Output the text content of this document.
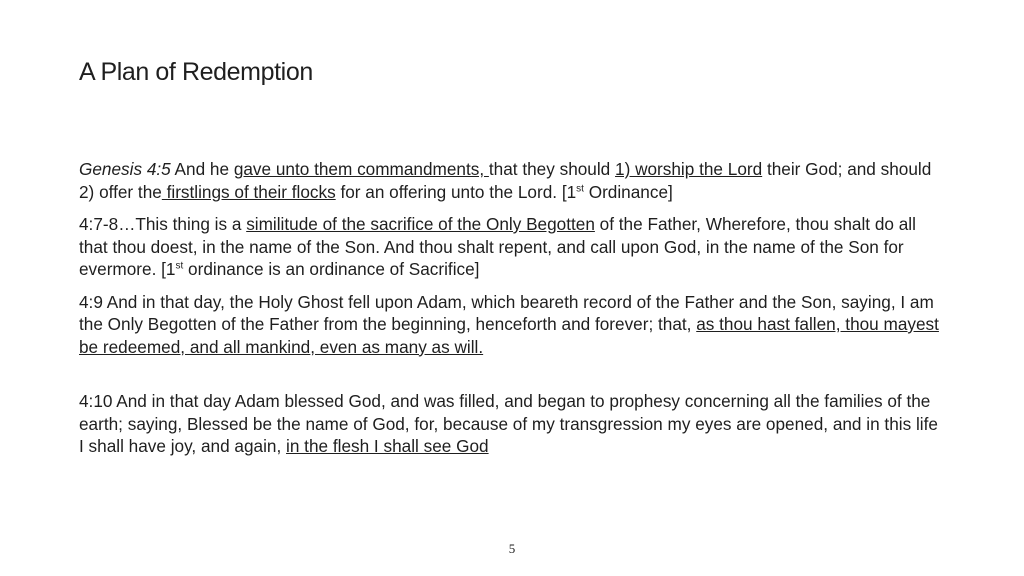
A Plan of Redemption

Genesis 4:5 And he gave unto them commandments, that they should 1) worship the Lord their God; and should 2) offer the firstlings of their flocks for an offering unto the Lord. [1st Ordinance]

4:7-8…This thing is a similitude of the sacrifice of the Only Begotten of the Father, Wherefore, thou shalt do all that thou doest, in the name of the Son. And thou shalt repent, and call upon God, in the name of the Son for evermore. [1st ordinance is an ordinance of Sacrifice]

4:9 And in that day, the Holy Ghost fell upon Adam, which beareth record of the Father and the Son, saying, I am the Only Begotten of the Father from the beginning, henceforth and forever; that, as thou hast fallen, thou mayest be redeemed, and all mankind, even as many as will.

4:10 And in that day Adam blessed God, and was filled, and began to prophesy concerning all the families of the earth; saying, Blessed be the name of God, for, because of my transgression my eyes are opened, and in this life I shall have joy, and again, in the flesh I shall see God

5
